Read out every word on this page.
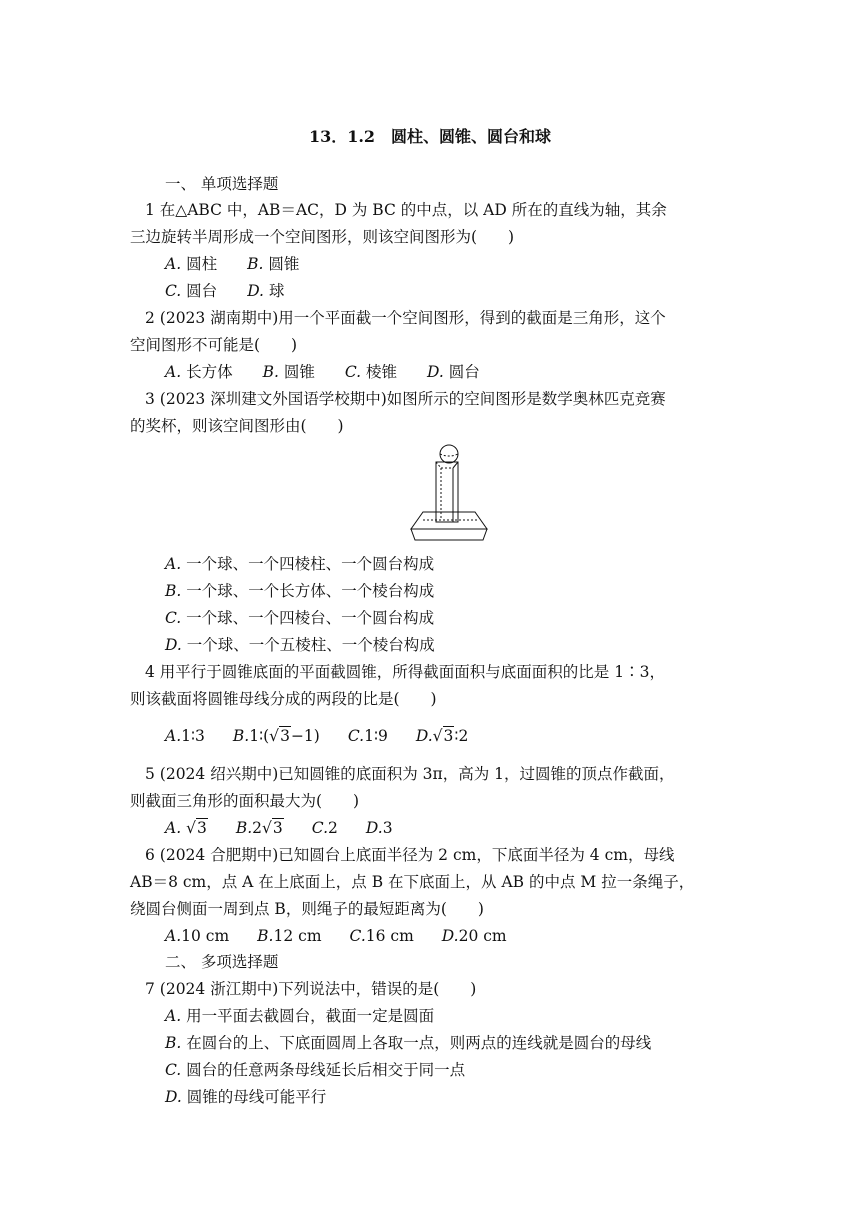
13．1.2　圆柱、圆锥、圆台和球
一、 单项选择题
1 在△ABC 中，AB＝AC，D 为 BC 的中点，以 AD 所在的直线为轴，其余
三边旋转半周形成一个空间图形，则该空间图形为(　　)
A. 圆柱 B. 圆锥
C. 圆台 D. 球
2 (2023 湖南期中)用一个平面截一个空间图形，得到的截面是三角形，这个
空间图形不可能是(　　)
A. 长方体 B. 圆锥 C. 棱锥 D. 圆台
3 (2023 深圳建文外国语学校期中)如图所示的空间图形是数学奥林匹克竞赛
的奖杯，则该空间图形由(　　)
A. 一个球、一个四棱柱、一个圆台构成
B. 一个球、一个长方体、一个棱台构成
C. 一个球、一个四棱台、一个圆台构成
D. 一个球、一个五棱柱、一个棱台构成
4 用平行于圆锥底面的平面截圆锥，所得截面面积与底面面积的比是 1∶3，
则该截面将圆锥母线分成的两段的比是(　　)
A.1∶3 B.1∶(√3−1) C.1∶9 D.√3∶2
5 (2024 绍兴期中)已知圆锥的底面积为 3π，高为 1，过圆锥的顶点作截面，
则截面三角形的面积最大为(　　)
A. √3 B.2√3 C.2 D.3
6 (2024 合肥期中)已知圆台上底面半径为 2 cm，下底面半径为 4 cm，母线
AB＝8 cm，点 A 在上底面上，点 B 在下底面上，从 AB 的中点 M 拉一条绳子，
绕圆台侧面一周到点 B，则绳子的最短距离为(　　)
A.10 cm B.12 cm C.16 cm D.20 cm
二、 多项选择题
7 (2024 浙江期中)下列说法中，错误的是(　　)
A. 用一平面去截圆台，截面一定是圆面
B. 在圆台的上、下底面圆周上各取一点，则两点的连线就是圆台的母线
C. 圆台的任意两条母线延长后相交于同一点
D. 圆锥的母线可能平行
